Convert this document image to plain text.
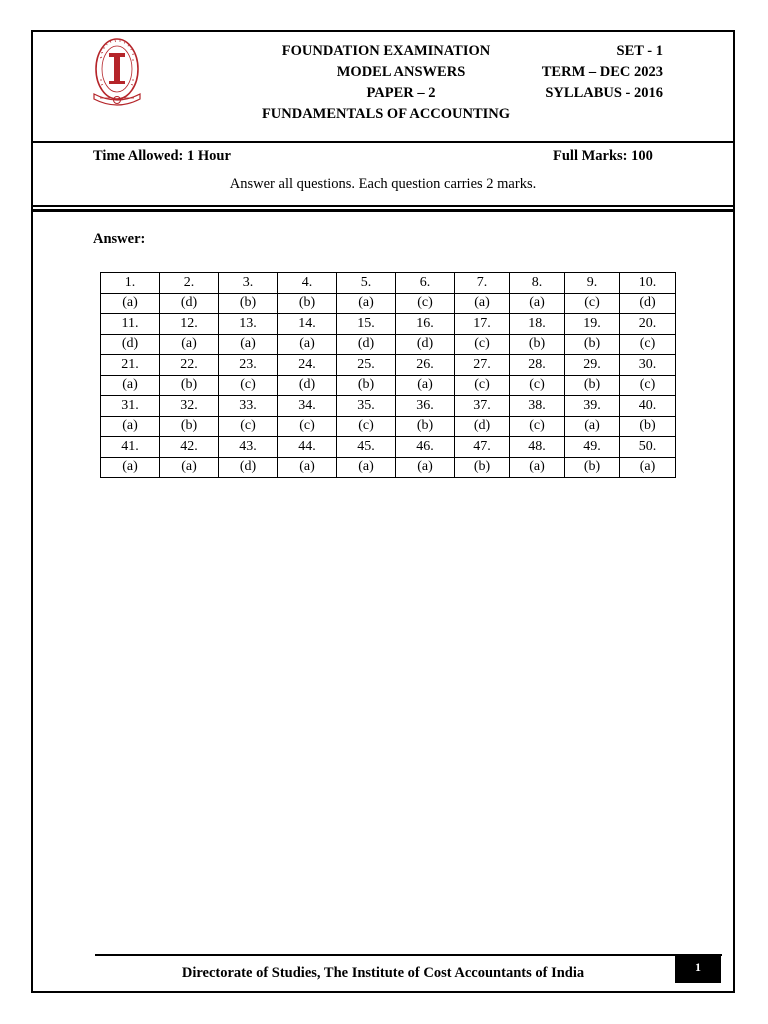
FOUNDATION EXAMINATION
MODEL ANSWERS
PAPER – 2
FUNDAMENTALS OF ACCOUNTING
SET - 1
TERM – DEC 2023
SYLLABUS - 2016
Time Allowed: 1 Hour	Full Marks: 100
Answer all questions. Each question carries 2 marks.
Answer:
1.	2.	3.	4.	5.	6.	7.	8.	9.	10.
(a)	(d)	(b)	(b)	(a)	(c)	(a)	(a)	(c)	(d)
11.	12.	13.	14.	15.	16.	17.	18.	19.	20.
(d)	(a)	(a)	(a)	(d)	(d)	(c)	(b)	(b)	(c)
21.	22.	23.	24.	25.	26.	27.	28.	29.	30.
(a)	(b)	(c)	(d)	(b)	(a)	(c)	(c)	(b)	(c)
31.	32.	33.	34.	35.	36.	37.	38.	39.	40.
(a)	(b)	(c)	(c)	(c)	(b)	(d)	(c)	(a)	(b)
41.	42.	43.	44.	45.	46.	47.	48.	49.	50.
(a)	(a)	(d)	(a)	(a)	(a)	(b)	(a)	(b)	(a)
Directorate of Studies, The Institute of Cost Accountants of India	1
